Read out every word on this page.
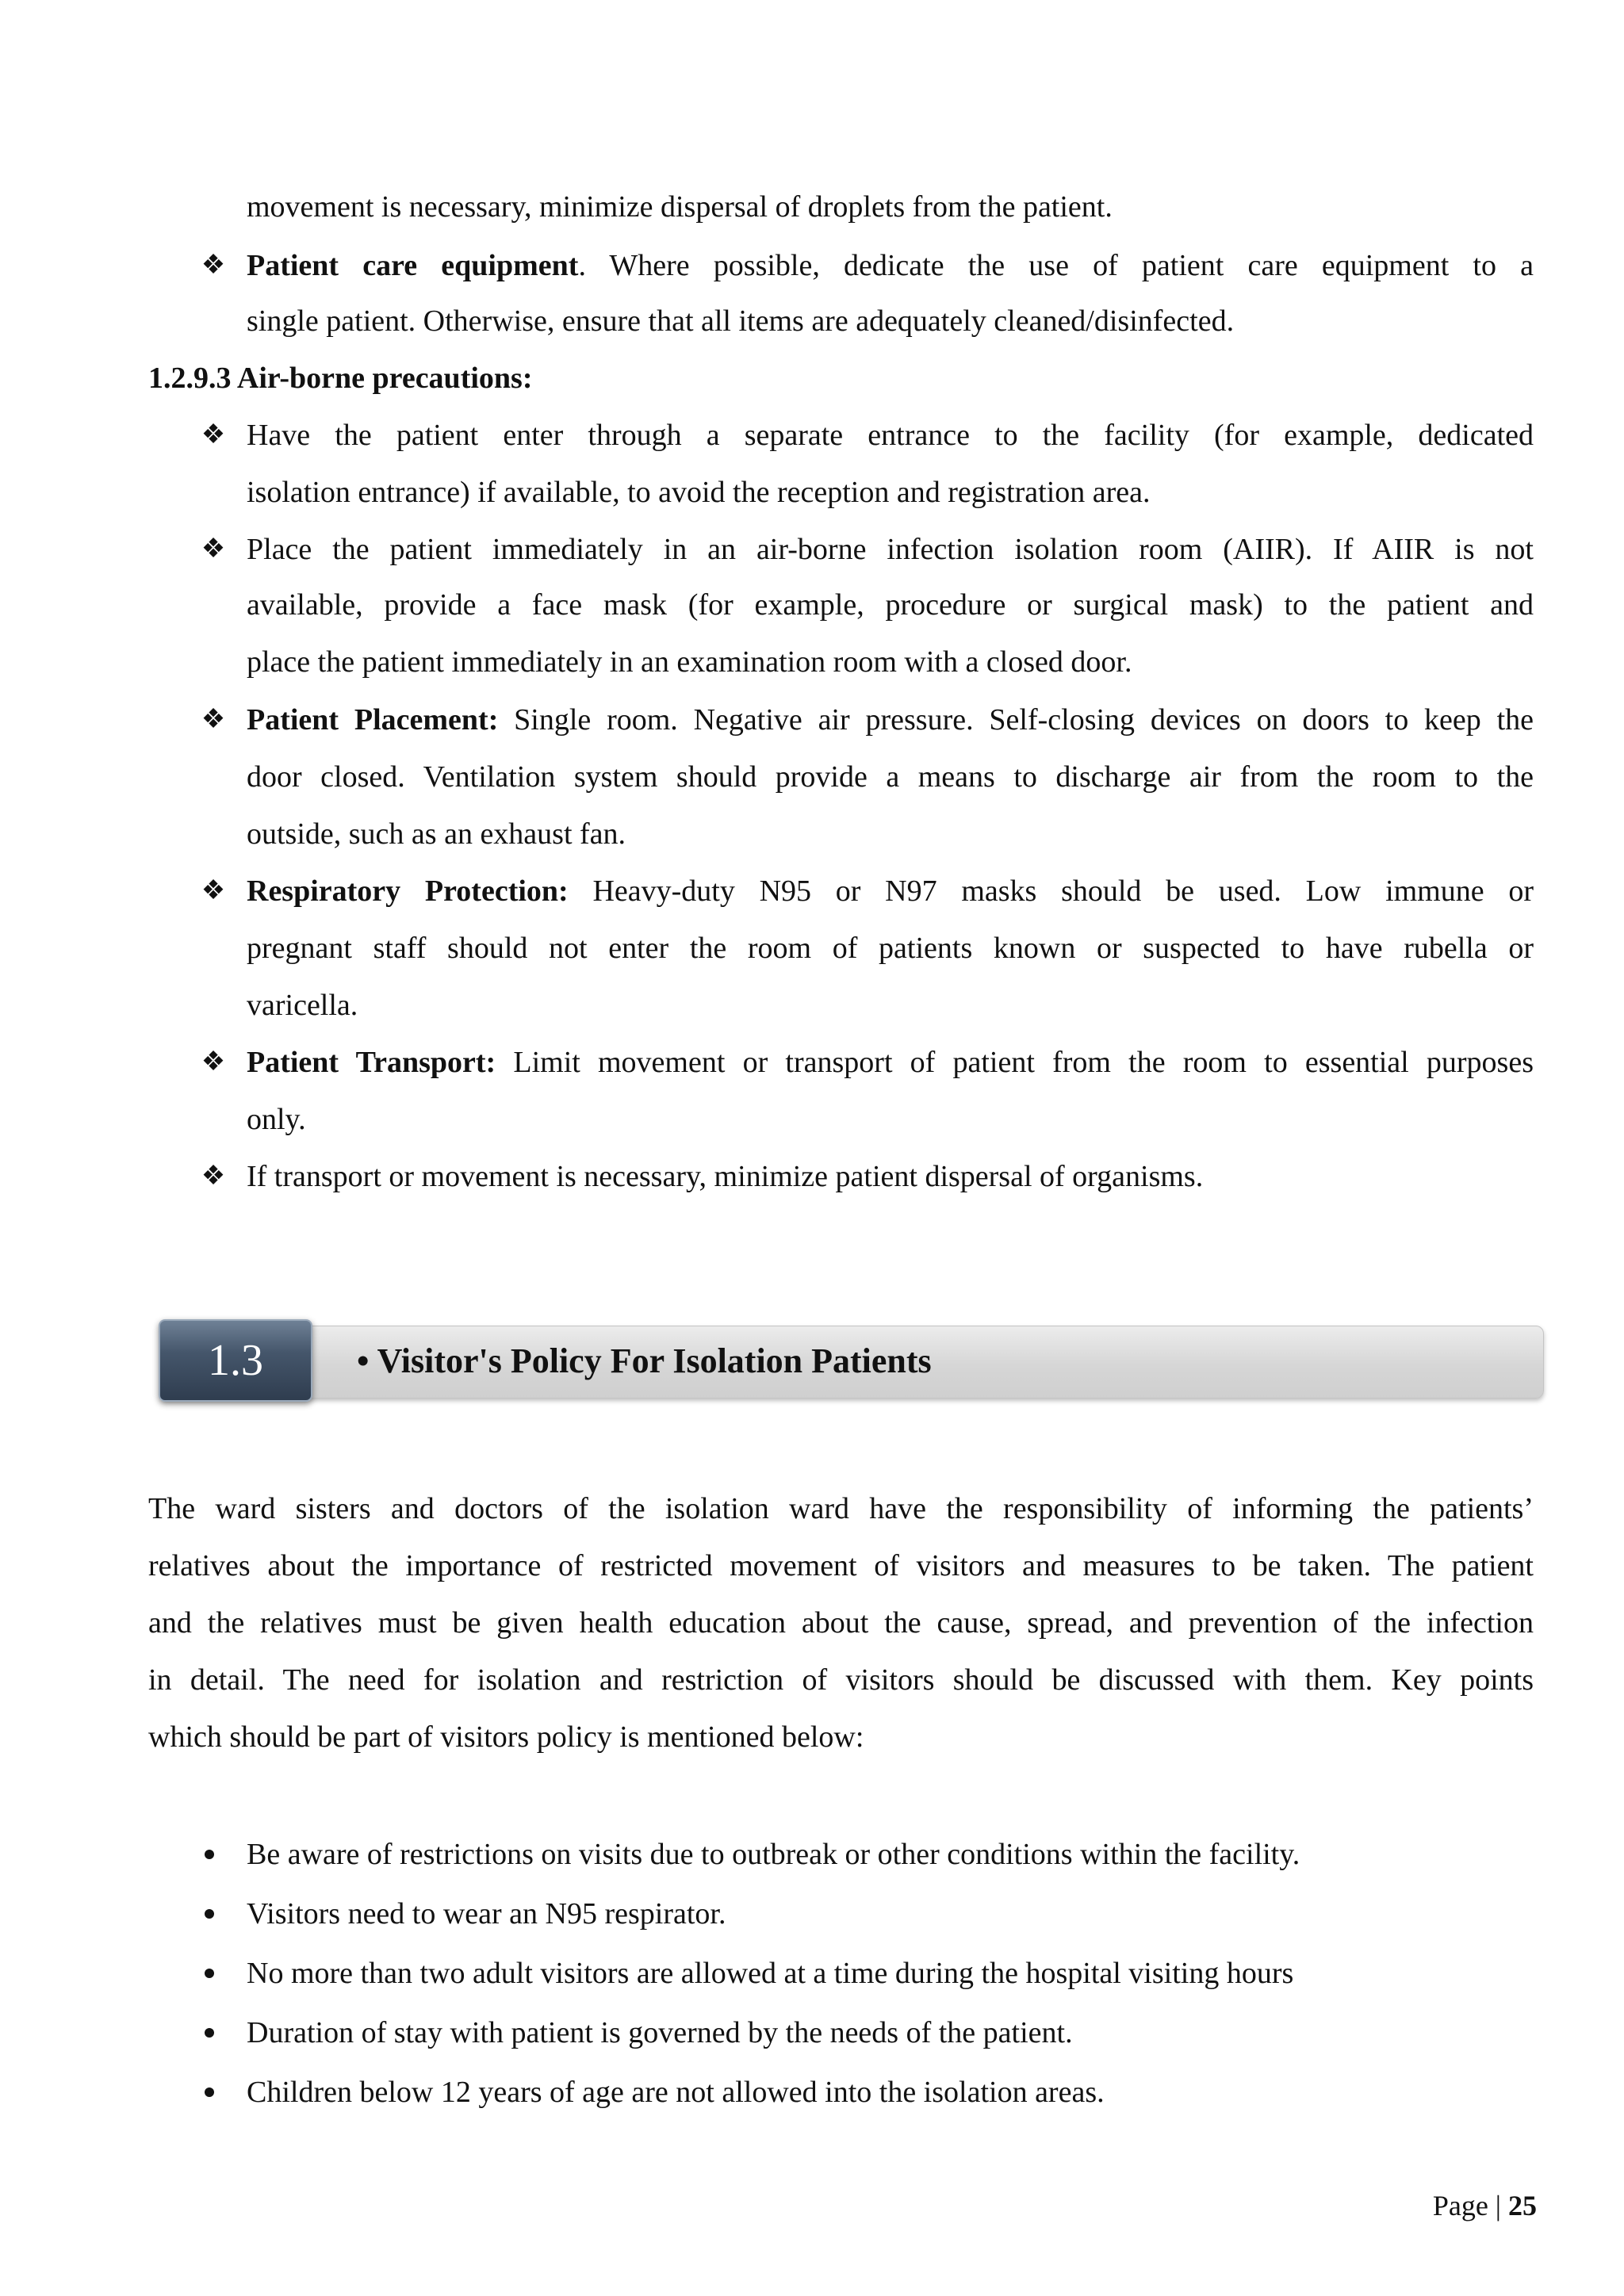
movement is necessary, minimize dispersal of droplets from the patient.
❖ Patient care equipment. Where possible, dedicate the use of patient care equipment to a
single patient. Otherwise, ensure that all items are adequately cleaned/disinfected.
1.2.9.3 Air-borne precautions:
❖ Have the patient enter through a separate entrance to the facility (for example, dedicated
isolation entrance) if available, to avoid the reception and registration area.
❖ Place the patient immediately in an air-borne infection isolation room (AIIR). If AIIR is not
available, provide a face mask (for example, procedure or surgical mask) to the patient and
place the patient immediately in an examination room with a closed door.
❖ Patient Placement: Single room. Negative air pressure. Self-closing devices on doors to keep the
door closed. Ventilation system should provide a means to discharge air from the room to the
outside, such as an exhaust fan.
❖ Respiratory Protection: Heavy-duty N95 or N97 masks should be used. Low immune or
pregnant staff should not enter the room of patients known or suspected to have rubella or
varicella.
❖ Patient Transport: Limit movement or transport of patient from the room to essential purposes
only.
❖ If transport or movement is necessary, minimize patient dispersal of organisms.
1.3	• Visitor's Policy For Isolation Patients
The ward sisters and doctors of the isolation ward have the responsibility of informing the patients’
relatives about the importance of restricted movement of visitors and measures to be taken. The patient
and the relatives must be given health education about the cause, spread, and prevention of the infection
in detail. The need for isolation and restriction of visitors should be discussed with them. Key points
which should be part of visitors policy is mentioned below:
Be aware of restrictions on visits due to outbreak or other conditions within the facility.
Visitors need to wear an N95 respirator.
No more than two adult visitors are allowed at a time during the hospital visiting hours
Duration of stay with patient is governed by the needs of the patient.
Children below 12 years of age are not allowed into the isolation areas.
Page | 25
